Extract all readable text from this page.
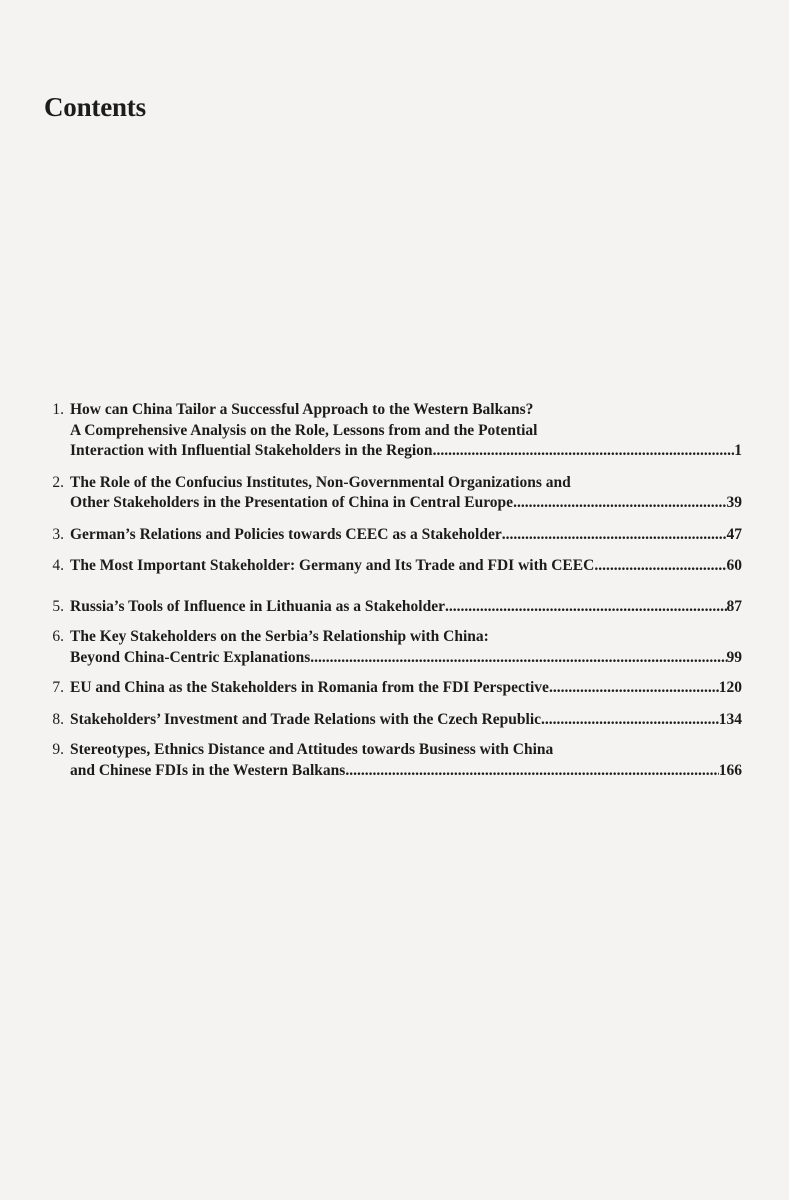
Contents
1. How can China Tailor a Successful Approach to the Western Balkans?
A Comprehensive Analysis on the Role, Lessons from and the Potential
Interaction with Influential Stakeholders in the Region .....	1
2. The Role of the Confucius Institutes, Non-Governmental Organizations and
Other Stakeholders in the Presentation of China in Central Europe .....	39
3. German’s Relations and Policies towards CEEC as a Stakeholder .....	47
4. The Most Important Stakeholder: Germany and Its Trade and FDI with CEEC .....	60
5. Russia’s Tools of Influence in Lithuania as a Stakeholder .....	87
6. The Key Stakeholders on the Serbia’s Relationship with China:
Beyond China-Centric Explanations .....	99
7. EU and China as the Stakeholders in Romania from the FDI Perspective .....	120
8. Stakeholders’ Investment and Trade Relations with the Czech Republic .....	134
9. Stereotypes, Ethnics Distance and Attitudes towards Business with China
and Chinese FDIs in the Western Balkans .....	166
